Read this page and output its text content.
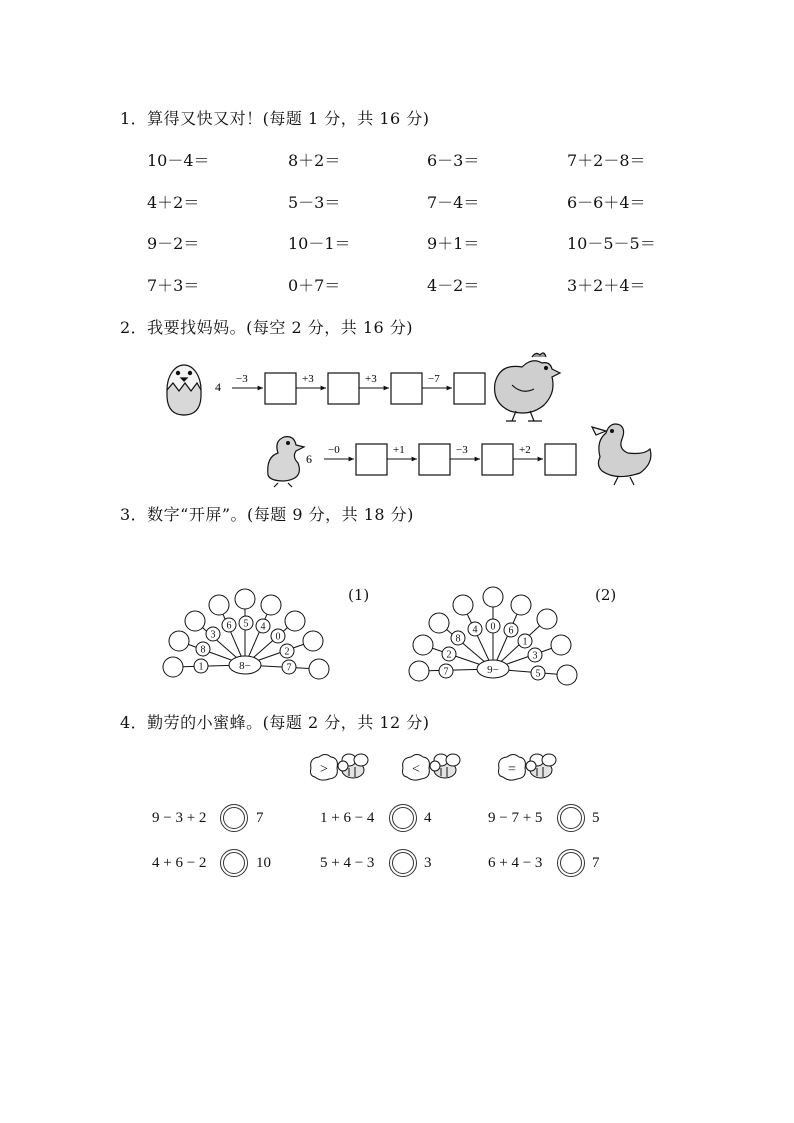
1．算得又快又对！(每题 1 分，共 16 分)
10－4＝	8＋2＝	6－3＝	7＋2－8＝
4＋2＝	5－3＝	7－4＝	6－6＋4＝
9－2＝	10－1＝	9＋1＝	10－5－5＝
7＋3＝	0＋7＝	4－2＝	3＋2＋4＝
2．我要找妈妈。(每空 2 分，共 16 分)
4
−3	+3	+3	−7
6
−0	+1	−3	+2
3．数字“开屏”。(每题 9 分，共 18 分)
(1)	(2)
1
8
3
6 5 4
0
2
7
8−	7
2
8
4 0 6
1
3
5
9−
4．勤劳的小蜜蜂。(每题 2 分，共 12 分)
>	<	=
9 − 3 + 2	7	1 + 6 − 4	4	9 − 7 + 5	5
4 + 6 − 2	10	5 + 4 − 3	3	6 + 4 − 3	7
